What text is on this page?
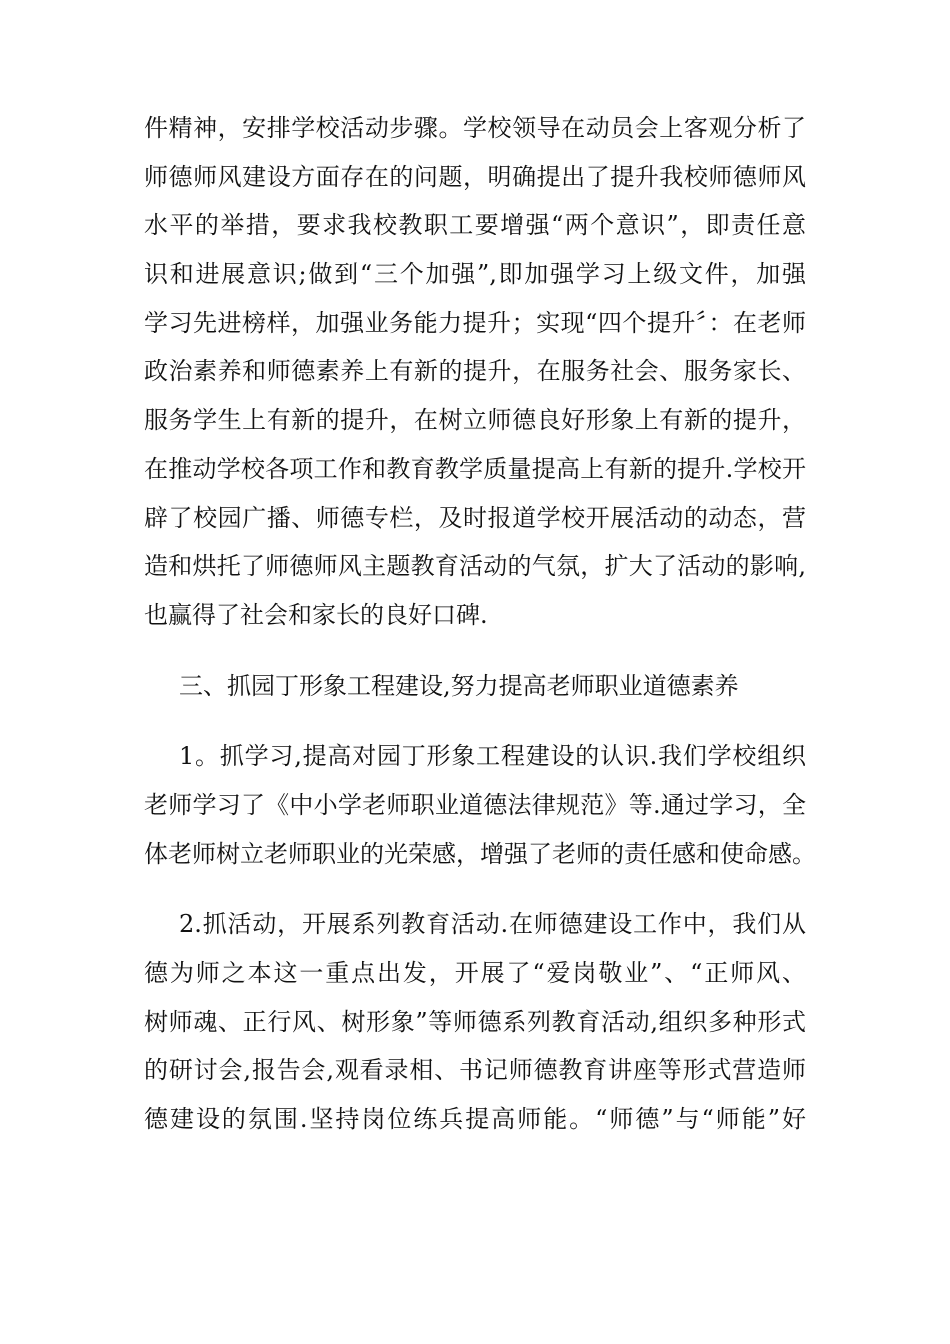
件精神，安排学校活动步骤。学校领导在动员会上客观分析了
师德师风建设方面存在的问题，明确提出了提升我校师德师风
水平的举措，要求我校教职工要增强“两个意识”，即责任意
识和进展意识;做到“三个加强”,即加强学习上级文件，加强
学习先进榜样，加强业务能力提升；实现“四个提升〞：在老师
政治素养和师德素养上有新的提升，在服务社会、服务家长、
服务学生上有新的提升，在树立师德良好形象上有新的提升，
在推动学校各项工作和教育教学质量提高上有新的提升.学校开
辟了校园广播、师德专栏，及时报道学校开展活动的动态，营
造和烘托了师德师风主题教育活动的气氛，扩大了活动的影响,
也赢得了社会和家长的良好口碑.
三、抓园丁形象工程建设,努力提高老师职业道德素养
1。抓学习,提高对园丁形象工程建设的认识.我们学校组织
老师学习了《中小学老师职业道德法律规范》等.通过学习，全
体老师树立老师职业的光荣感，增强了老师的责任感和使命感。
2.抓活动，开展系列教育活动.在师德建设工作中，我们从
德为师之本这一重点出发，开展了“爱岗敬业”、“正师风、
树师魂、正行风、树形象”等师德系列教育活动,组织多种形式
的研讨会,报告会,观看录相、书记师德教育讲座等形式营造师
德建设的氛围.坚持岗位练兵提高师能。“师德”与“师能”好
